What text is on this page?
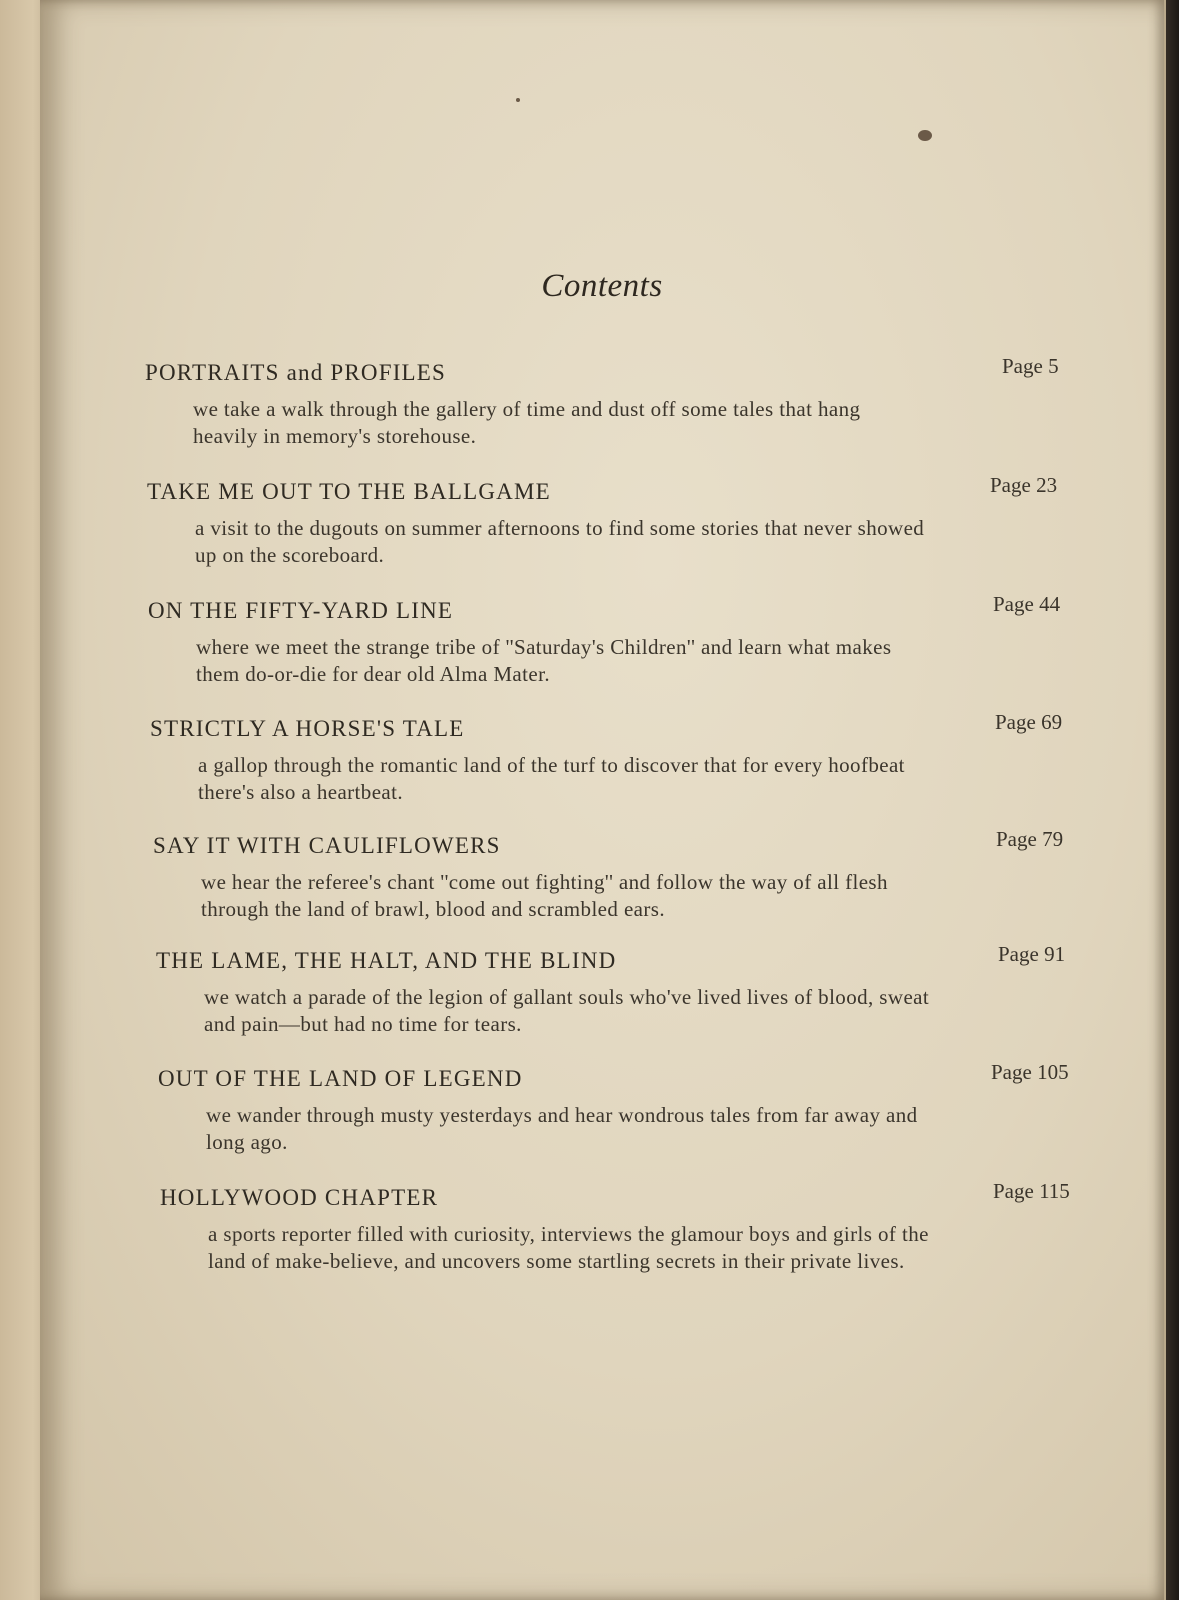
Contents
PORTRAITS and PROFILES	Page 5
we take a walk through the gallery of time and dust off some tales that hang heavily in memory's storehouse.
TAKE ME OUT TO THE BALLGAME	Page 23
a visit to the dugouts on summer afternoons to find some stories that never showed up on the scoreboard.
ON THE FIFTY-YARD LINE	Page 44
where we meet the strange tribe of ''Saturday's Children'' and learn what makes them do-or-die for dear old Alma Mater.
STRICTLY A HORSE'S TALE	Page 69
a gallop through the romantic land of the turf to discover that for every hoofbeat there's also a heartbeat.
SAY IT WITH CAULIFLOWERS	Page 79
we hear the referee's chant ''come out fighting'' and follow the way of all flesh through the land of brawl, blood and scrambled ears.
THE LAME, THE HALT, AND THE BLIND	Page 91
we watch a parade of the legion of gallant souls who've lived lives of blood, sweat and pain—but had no time for tears.
OUT OF THE LAND OF LEGEND	Page 105
we wander through musty yesterdays and hear wondrous tales from far away and long ago.
HOLLYWOOD CHAPTER	Page 115
a sports reporter filled with curiosity, interviews the glamour boys and girls of the land of make-believe, and uncovers some startling secrets in their private lives.
